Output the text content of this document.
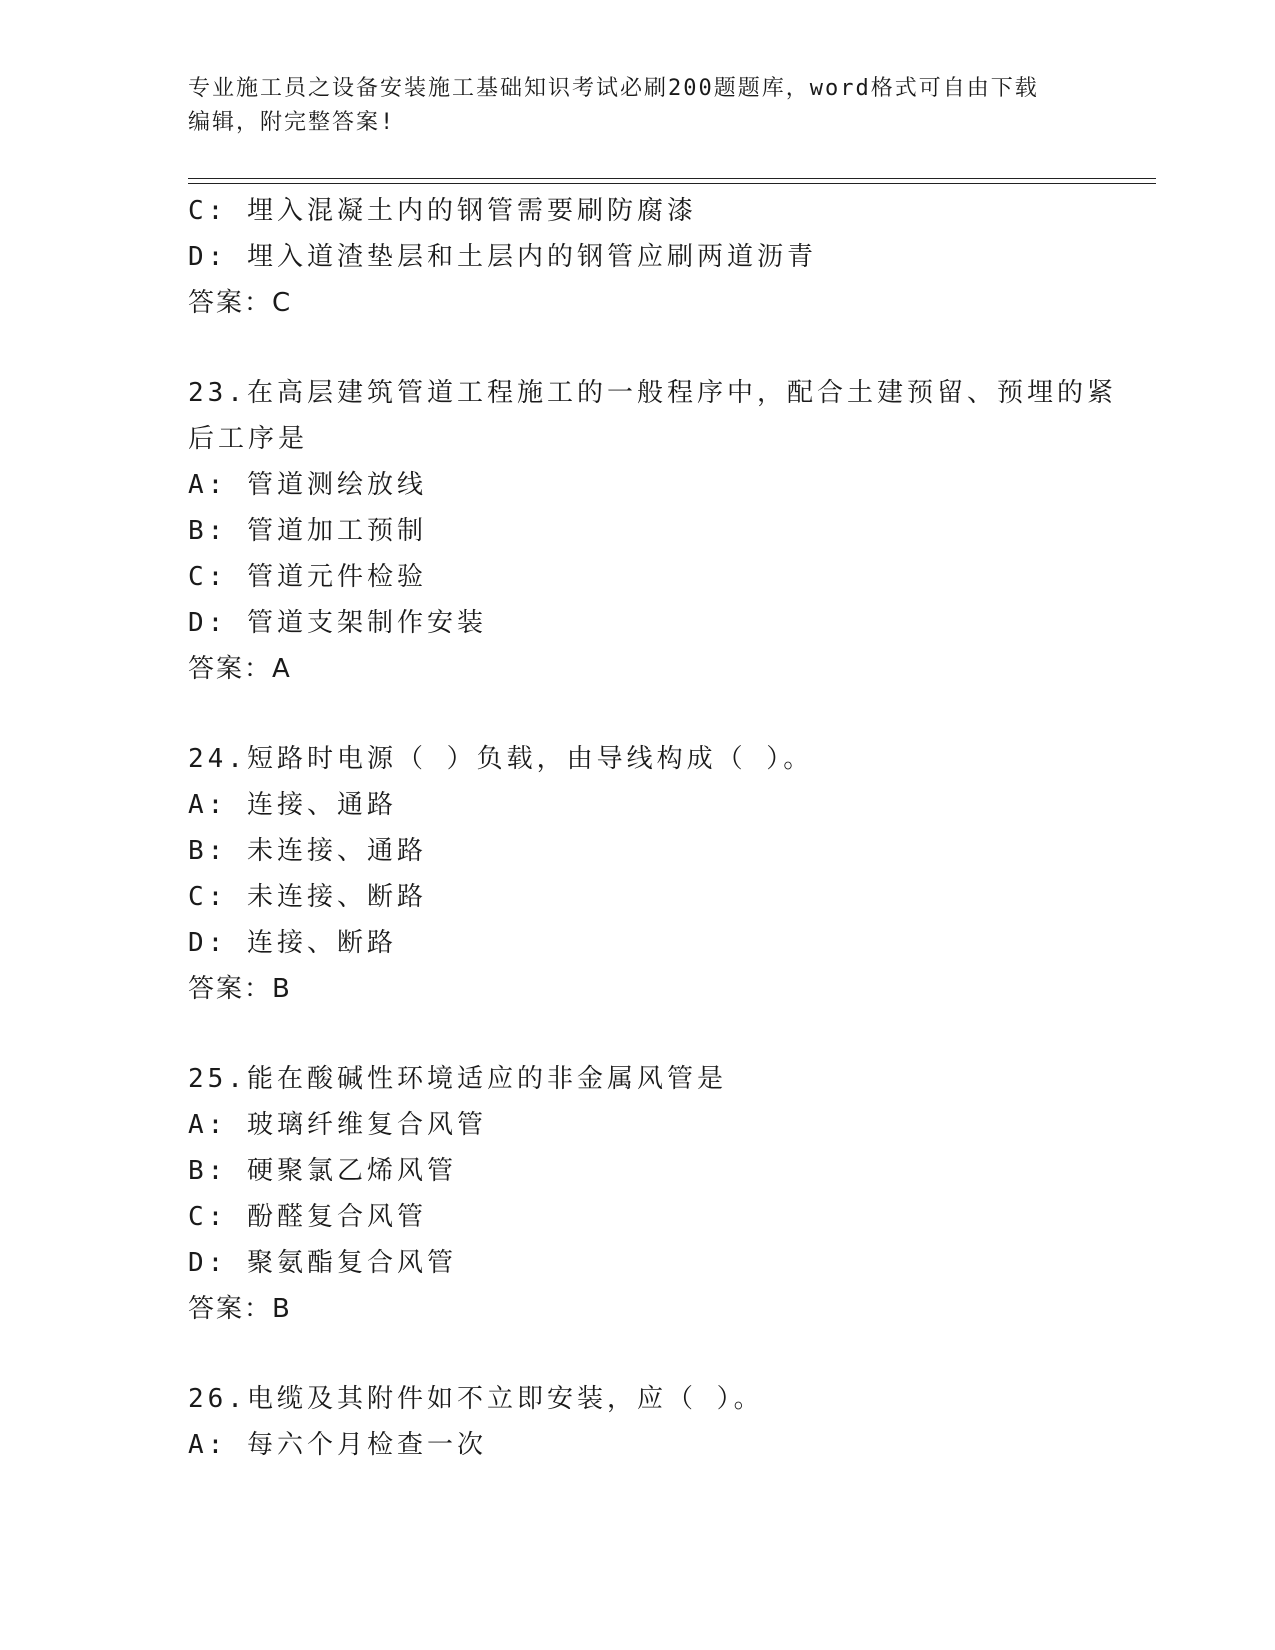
专业施工员之设备安装施工基础知识考试必刷200题题库，word格式可自由下载
编辑，附完整答案!
C: 埋入混凝土内的钢管需要刷防腐漆
D: 埋入道渣垫层和土层内的钢管应刷两道沥青
答案：C
23.在高层建筑管道工程施工的一般程序中，配合土建预留、预埋的紧
后工序是
A: 管道测绘放线
B: 管道加工预制
C: 管道元件检验
D: 管道支架制作安装
答案：A
24.短路时电源（ ）负载，由导线构成（ ）。
A: 连接、通路
B: 未连接、通路
C: 未连接、断路
D: 连接、断路
答案：B
25.能在酸碱性环境适应的非金属风管是
A: 玻璃纤维复合风管
B: 硬聚氯乙烯风管
C: 酚醛复合风管
D: 聚氨酯复合风管
答案：B
26.电缆及其附件如不立即安装，应（ ）。
A: 每六个月检查一次
